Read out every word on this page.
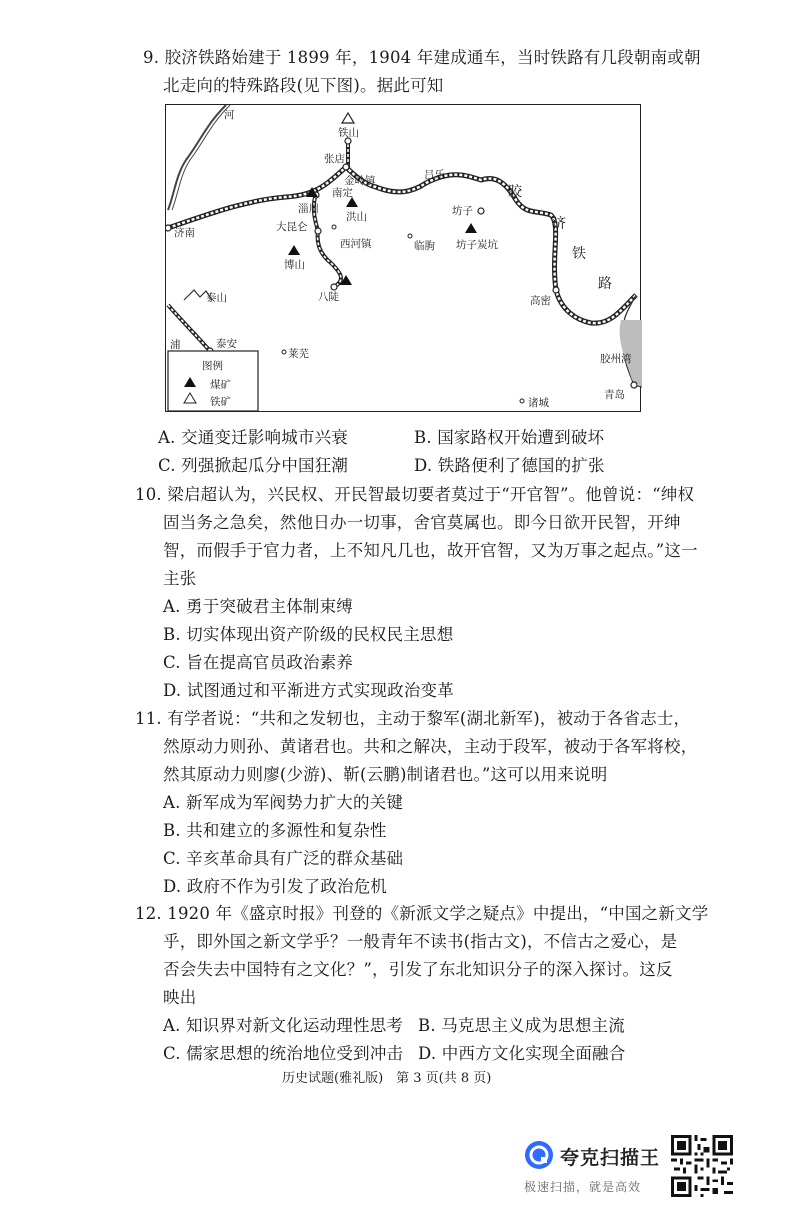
9. 胶济铁路始建于 1899 年，1904 年建成通车，当时铁路有几段朝南或朝
北走向的特殊路段(见下图)。据此可知
河
铁山
张店
金岭镇
南定
淄川
洪山
大昆仑
西河镇
博山
八陡
济南
临朐
吕乐
坊子
坊子炭坑
高密
胶州湾
青岛
诸城
泰山
泰安
莱芜
浦
胶
济
铁
路
图例
煤矿
铁矿
A. 交通变迁影响城市兴衰	B. 国家路权开始遭到破坏
C. 列强掀起瓜分中国狂潮	D. 铁路便利了德国的扩张
10. 梁启超认为，兴民权、开民智最切要者莫过于“开官智”。他曾说：“绅权
固当务之急矣，然他日办一切事，舍官莫属也。即今日欲开民智，开绅
智，而假手于官力者，上不知凡几也，故开官智，又为万事之起点。”这一
主张
A. 勇于突破君主体制束缚
B. 切实体现出资产阶级的民权民主思想
C. 旨在提高官员政治素养
D. 试图通过和平渐进方式实现政治变革
11. 有学者说：“共和之发轫也，主动于黎军(湖北新军)，被动于各省志士，
然原动力则孙、黄诸君也。共和之解决，主动于段军，被动于各军将校，
然其原动力则廖(少游)、靳(云鹏)制诸君也。”这可以用来说明
A. 新军成为军阀势力扩大的关键
B. 共和建立的多源性和复杂性
C. 辛亥革命具有广泛的群众基础
D. 政府不作为引发了政治危机
12. 1920 年《盛京时报》刊登的《新派文学之疑点》中提出，“中国之新文学
乎，即外国之新文学乎？一般青年不读书(指古文)，不信古之爱心，是
否会失去中国特有之文化？”，引发了东北知识分子的深入探讨。这反
映出
A. 知识界对新文化运动理性思考 B. 马克思主义成为思想主流
C. 儒家思想的统治地位受到冲击 D. 中西方文化实现全面融合
历史试题(雅礼版)　第 3 页(共 8 页)
夸克扫描王
极速扫描，就是高效
